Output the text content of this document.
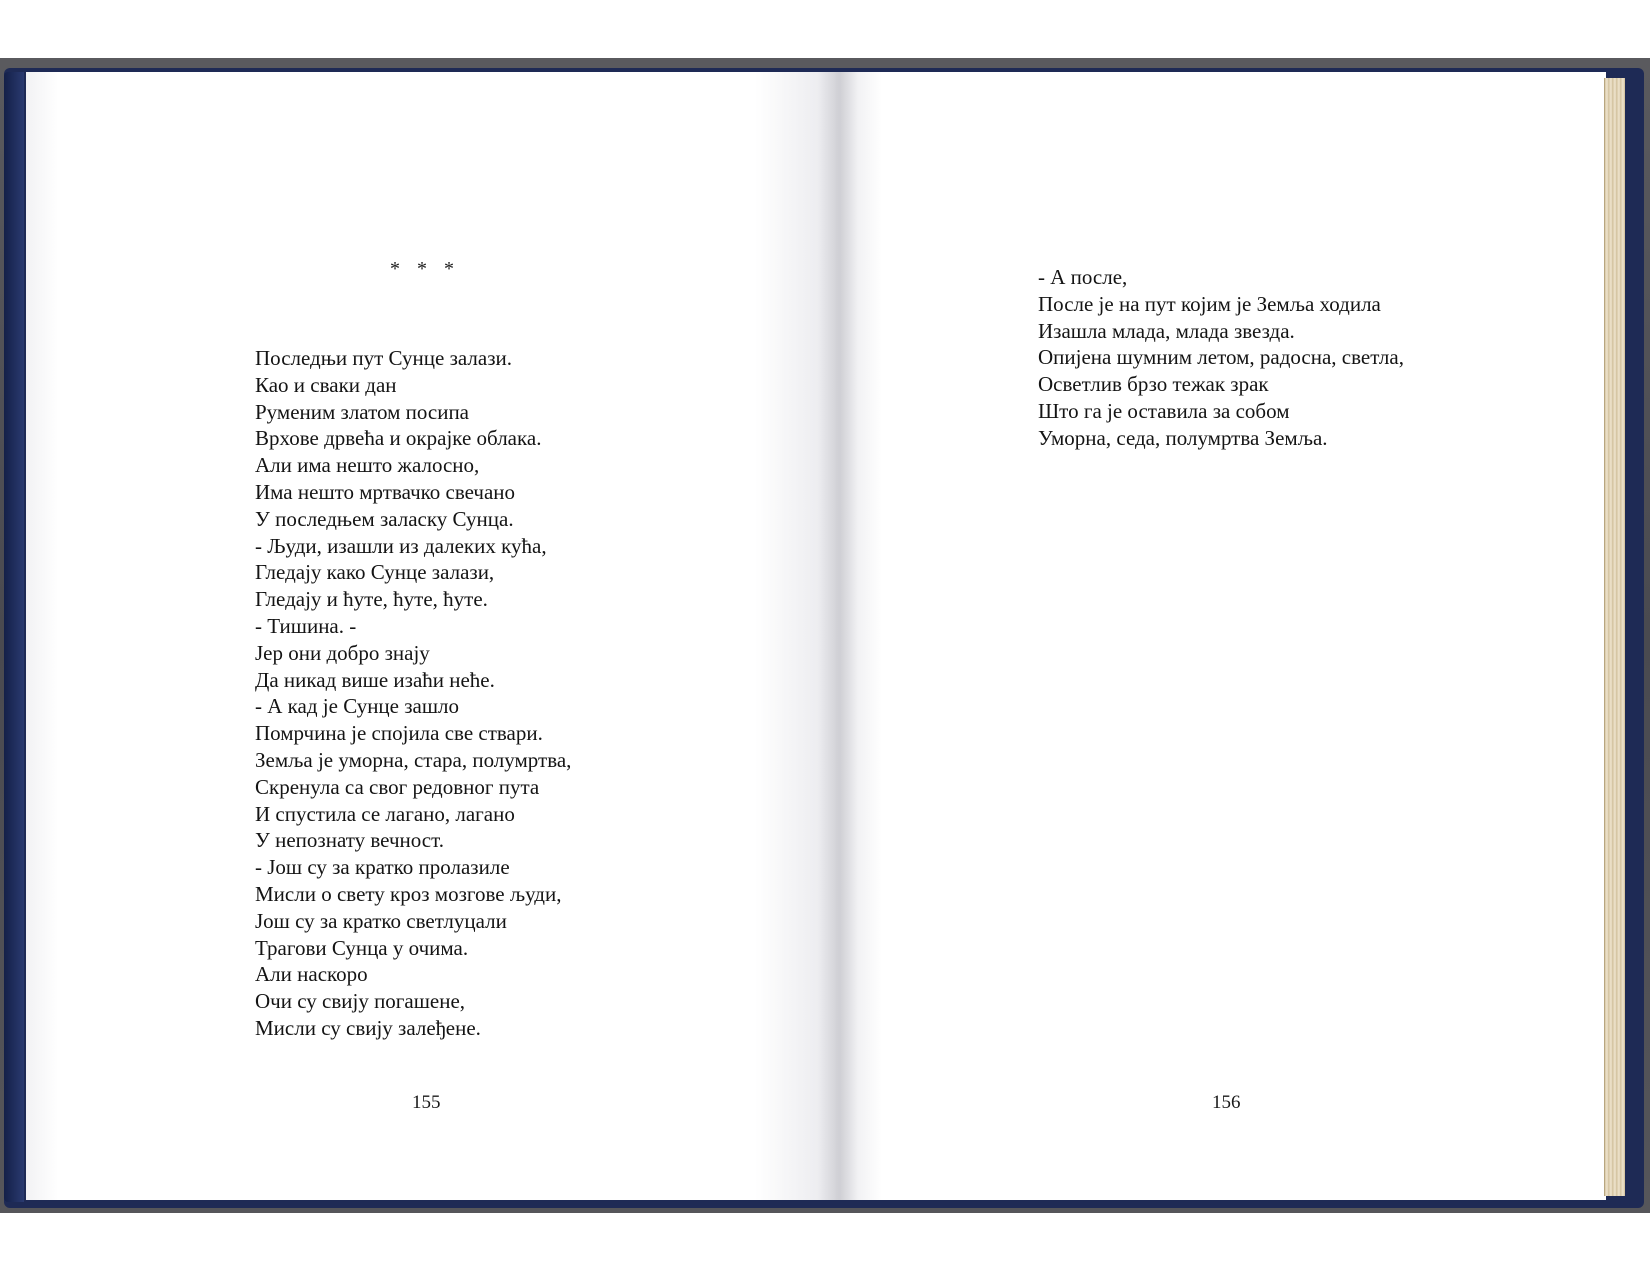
* * *
Последњи пут Сунце залази.
Као и сваки дан
Руменим златом посипа
Врхове дрвећа и окрајке облака.
Али има нешто жалосно,
Има нешто мртвачко свечано
У последњем заласку Сунца.
- Људи, изашли из далеких кућа,
Гледају како Сунце залази,
Гледају и ћуте, ћуте, ћуте.
- Тишина. -
Јер они добро знају
Да никад више изаћи неће.
- А кад је Сунце зашло
Помрчина је спојила све ствари.
Земља је уморна, стара, полумртва,
Скренула са свог редовног пута
И спустила се лагано, лагано
У непознату вечност.
- Још су за кратко пролазиле
Мисли о свету кроз мозгове људи,
Још су за кратко светлуцали
Трагови Сунца у очима.
Али наскоро
Очи су свију погашене,
Мисли су свију залеђене.
- А после,
После је на пут којим је Земља ходила
Изашла млада, млада звезда.
Опијена шумним летом, радосна, светла,
Осветлив брзо тежак зрак
Што га је оставила за собом
Уморна, седа, полумртва Земља.
155	156
